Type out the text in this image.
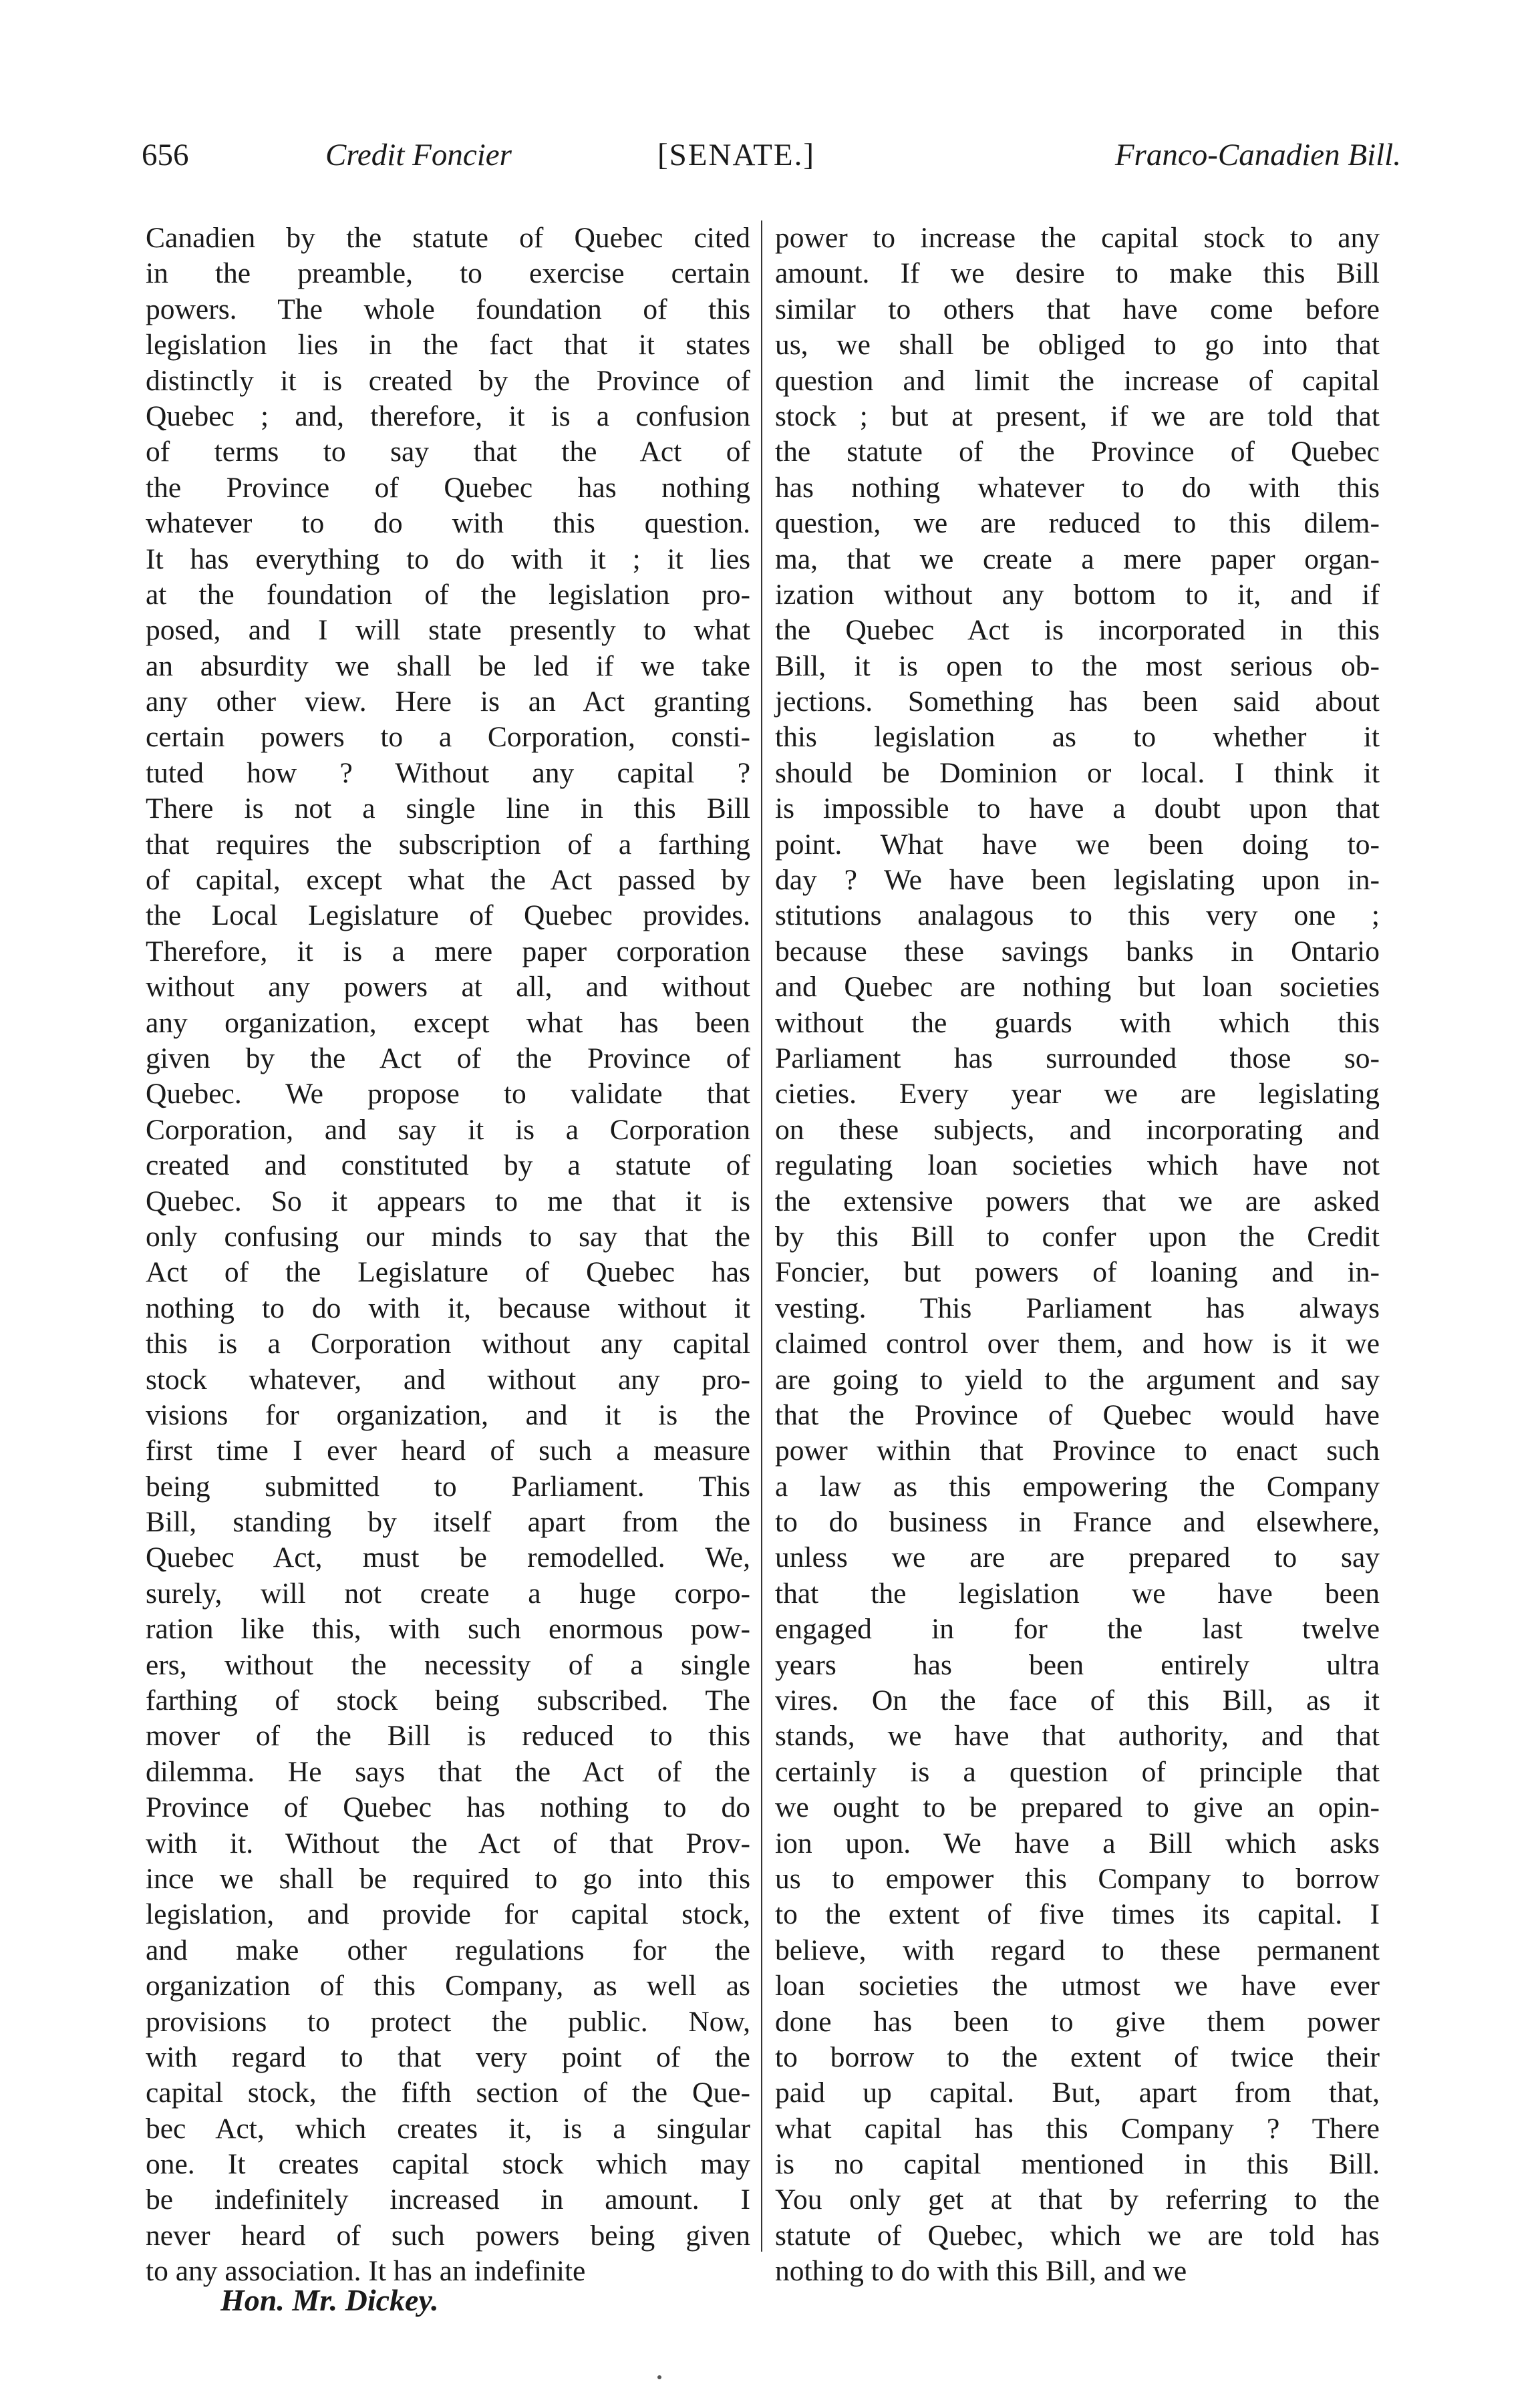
656	Credit Foncier	[SENATE.]	Franco-Canadien Bill.
Canadien by the statute of Quebec cited
in the preamble, to exercise certain
powers. The whole foundation of this
legislation lies in the fact that it states
distinctly it is created by the Province of
Quebec ; and, therefore, it is a confusion
of terms to say that the Act of
the Province of Quebec has nothing
whatever to do with this question.
It has everything to do with it ; it lies
at the foundation of the legislation pro-
posed, and I will state presently to what
an absurdity we shall be led if we take
any other view. Here is an Act granting
certain powers to a Corporation, consti-
tuted how ? Without any capital ?
There is not a single line in this Bill
that requires the subscription of a farthing
of capital, except what the Act passed by
the Local Legislature of Quebec provides.
Therefore, it is a mere paper corporation
without any powers at all, and without
any organization, except what has been
given by the Act of the Province of
Quebec. We propose to validate that
Corporation, and say it is a Corporation
created and constituted by a statute of
Quebec. So it appears to me that it is
only confusing our minds to say that the
Act of the Legislature of Quebec has
nothing to do with it, because without it
this is a Corporation without any capital
stock whatever, and without any pro-
visions for organization, and it is the
first time I ever heard of such a measure
being submitted to Parliament. This
Bill, standing by itself apart from the
Quebec Act, must be remodelled. We,
surely, will not create a huge corpo-
ration like this, with such enormous pow-
ers, without the necessity of a single
farthing of stock being subscribed. The
mover of the Bill is reduced to this
dilemma. He says that the Act of the
Province of Quebec has nothing to do
with it. Without the Act of that Prov-
ince we shall be required to go into this
legislation, and provide for capital stock,
and make other regulations for the
organization of this Company, as well as
provisions to protect the public. Now,
with regard to that very point of the
capital stock, the fifth section of the Que-
bec Act, which creates it, is a singular
one. It creates capital stock which may
be indefinitely increased in amount. I
never heard of such powers being given
to any association. It has an indefinite
power to increase the capital stock to any
amount. If we desire to make this Bill
similar to others that have come before
us, we shall be obliged to go into that
question and limit the increase of capital
stock ; but at present, if we are told that
the statute of the Province of Quebec
has nothing whatever to do with this
question, we are reduced to this dilem-
ma, that we create a mere paper organ-
ization without any bottom to it, and if
the Quebec Act is incorporated in this
Bill, it is open to the most serious ob-
jections. Something has been said about
this legislation as to whether it
should be Dominion or local. I think it
is impossible to have a doubt upon that
point. What have we been doing to-
day ? We have been legislating upon in-
stitutions analagous to this very one ;
because these savings banks in Ontario
and Quebec are nothing but loan societies
without the guards with which this
Parliament has surrounded those so-
cieties. Every year we are legislating
on these subjects, and incorporating and
regulating loan societies which have not
the extensive powers that we are asked
by this Bill to confer upon the Credit
Foncier, but powers of loaning and in-
vesting. This Parliament has always
claimed control over them, and how is it we
are going to yield to the argument and say
that the Province of Quebec would have
power within that Province to enact such
a law as this empowering the Company
to do business in France and elsewhere,
unless we are are prepared to say
that the legislation we have been
engaged in for the last twelve
years has been entirely ultra
vires. On the face of this Bill, as it
stands, we have that authority, and that
certainly is a question of principle that
we ought to be prepared to give an opin-
ion upon. We have a Bill which asks
us to empower this Company to borrow
to the extent of five times its capital. I
believe, with regard to these permanent
loan societies the utmost we have ever
done has been to give them power
to borrow to the extent of twice their
paid up capital. But, apart from that,
what capital has this Company ? There
is no capital mentioned in this Bill.
You only get at that by referring to the
statute of Quebec, which we are told has
nothing to do with this Bill, and we
Hon. Mr. Dickey.
